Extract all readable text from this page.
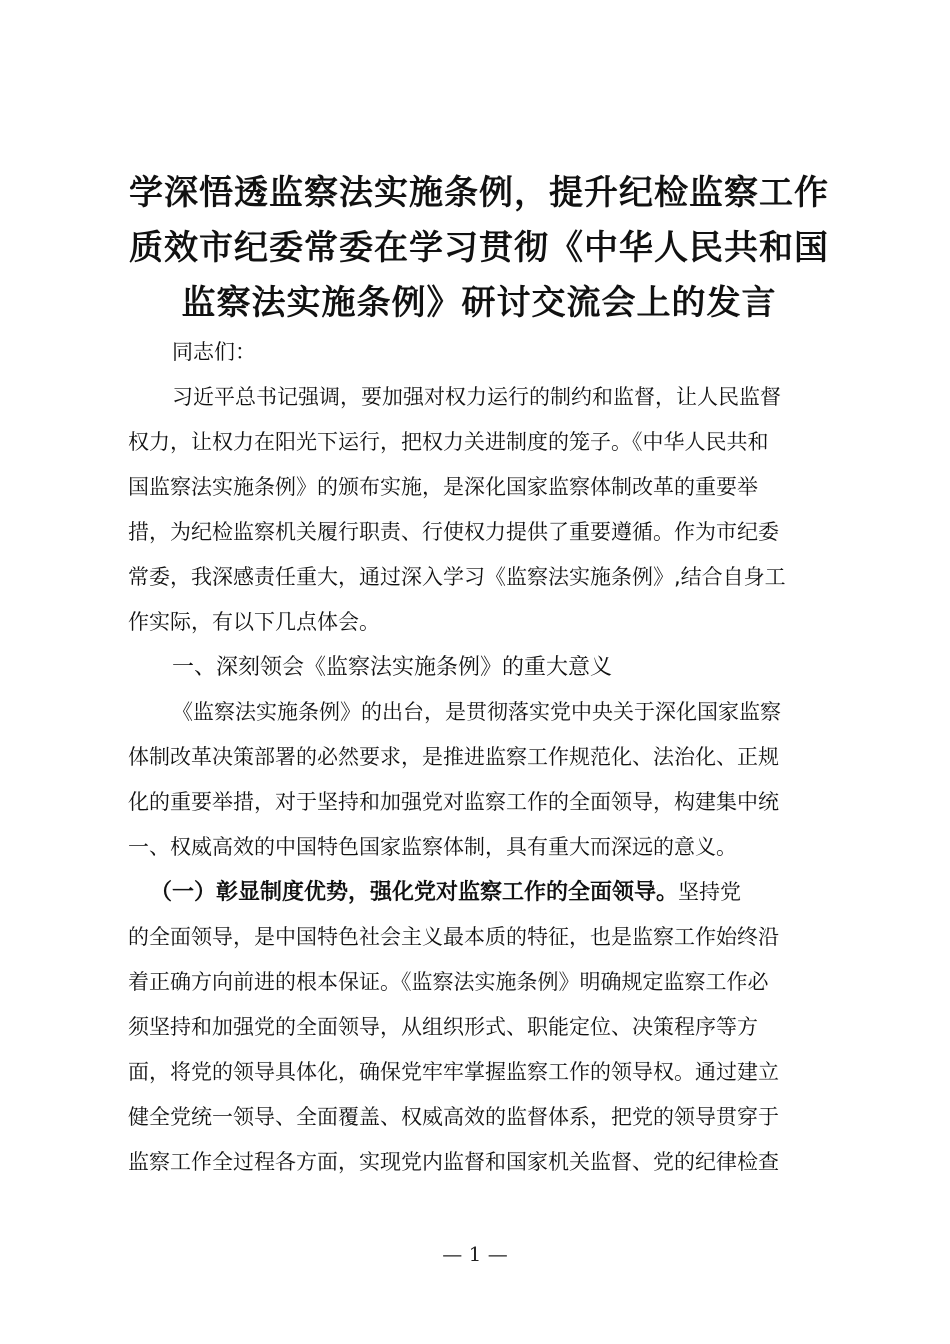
学深悟透监察法实施条例，提升纪检监察工作
质效市纪委常委在学习贯彻《中华人民共和国
监察法实施条例》研讨交流会上的发言

同志们：

习近平总书记强调，要加强对权力运行的制约和监督，让人民监督
权力，让权力在阳光下运行，把权力关进制度的笼子。《中华人民共和
国监察法实施条例》的颁布实施，是深化国家监察体制改革的重要举
措，为纪检监察机关履行职责、行使权力提供了重要遵循。作为市纪委
常委，我深感责任重大，通过深入学习《监察法实施条例》,结合自身工
作实际，有以下几点体会。

一、深刻领会《监察法实施条例》的重大意义

《监察法实施条例》的出台，是贯彻落实党中央关于深化国家监察
体制改革决策部署的必然要求，是推进监察工作规范化、法治化、正规
化的重要举措，对于坚持和加强党对监察工作的全面领导，构建集中统
一、权威高效的中国特色国家监察体制，具有重大而深远的意义。
（一）彰显制度优势，强化党对监察工作的全面领导。坚持党
的全面领导，是中国特色社会主义最本质的特征，也是监察工作始终沿
着正确方向前进的根本保证。《监察法实施条例》明确规定监察工作必
须坚持和加强党的全面领导，从组织形式、职能定位、决策程序等方
面，将党的领导具体化，确保党牢牢掌握监察工作的领导权。通过建立
健全党统一领导、全面覆盖、权威高效的监督体系，把党的领导贯穿于
监察工作全过程各方面，实现党内监督和国家机关监督、党的纪律检查
— 1 —
